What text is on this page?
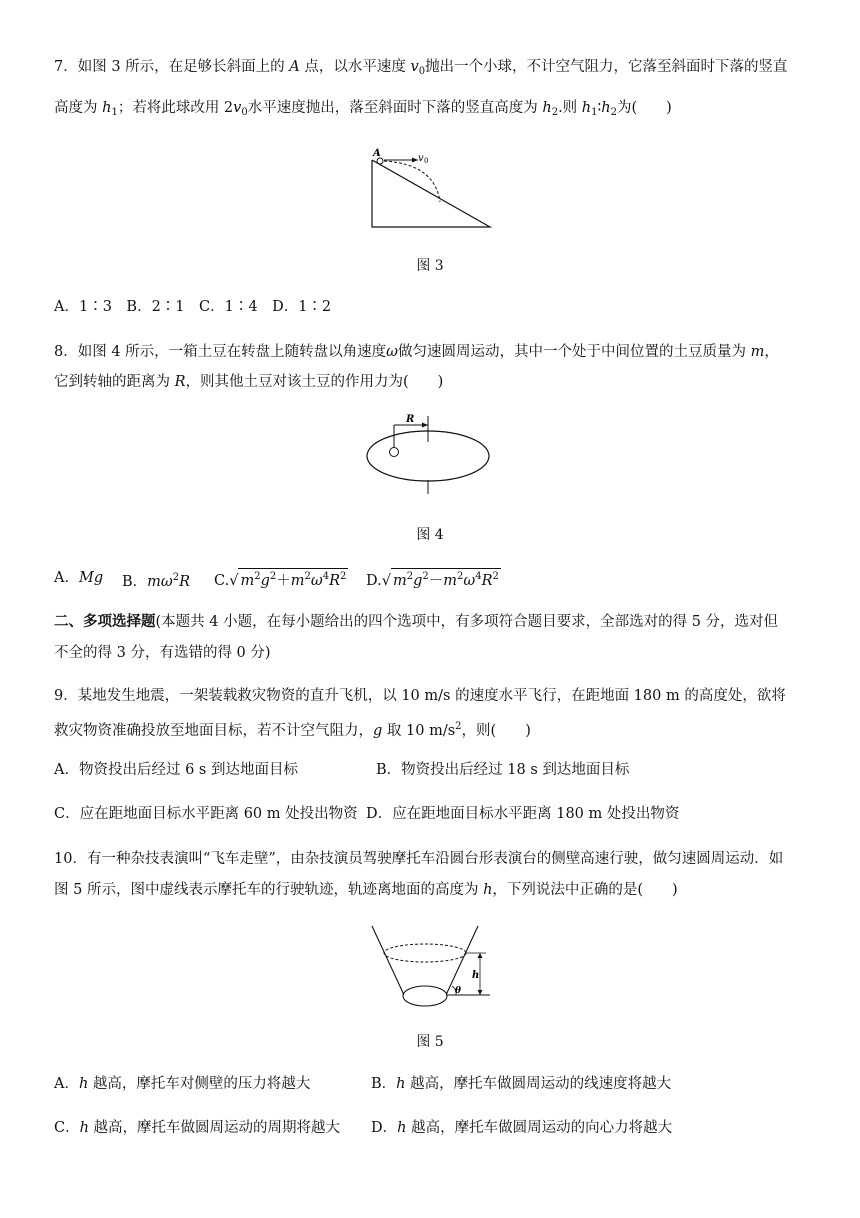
7．如图 3 所示，在足够长斜面上的 A 点，以水平速度 $v_0$抛出一个小球，不计空气阻力，它落至斜面时下落的竖直
高度为 $h_1$；若将此球改用 $2v_0$水平速度抛出，落至斜面时下落的竖直高度为 $h_2$.则 $h_1∶h_2$为(　　)
A	v 0
图 3
A．1∶3　B．2∶1　C．1∶4　D．1∶2
8．如图 4 所示，一箱土豆在转盘上随转盘以角速度ω做匀速圆周运动，其中一个处于中间位置的土豆质量为 m，
它到转轴的距离为 R，则其他土豆对该土豆的作用力为(　　)
R
图 4
A．Mg B．$m\omega^2R$ C.√ $m^2g^2+m^2\omega^4R^2$ D.√ $m^2g^2-m^2\omega^4R^2$
二、多项选择题(本题共 4 小题，在每小题给出的四个选项中，有多项符合题目要求，全部选对的得 5 分，选对但
不全的得 3 分，有选错的得 0 分)
9．某地发生地震，一架装载救灾物资的直升飞机，以 10 m/s 的速度水平飞行，在距地面 180 m 的高度处，欲将
救灾物资准确投放至地面目标，若不计空气阻力，g 取 10 $m/s^2$，则(　　)
A．物资投出后经过 6 s 到达地面目标	B．物资投出后经过 18 s 到达地面目标
C．应在距地面目标水平距离 60 m 处投出物资 D．应在距地面目标水平距离 180 m 处投出物资
10．有一种杂技表演叫“飞车走壁”，由杂技演员驾驶摩托车沿圆台形表演台的侧壁高速行驶，做匀速圆周运动．如
图 5 所示，图中虚线表示摩托车的行驶轨迹，轨迹离地面的高度为 h，下列说法中正确的是(　　)
h
θ
图 5
A．h 越高，摩托车对侧壁的压力将越大	B．h 越高，摩托车做圆周运动的线速度将越大
C．h 越高，摩托车做圆周运动的周期将越大 D．h 越高，摩托车做圆周运动的向心力将越大
